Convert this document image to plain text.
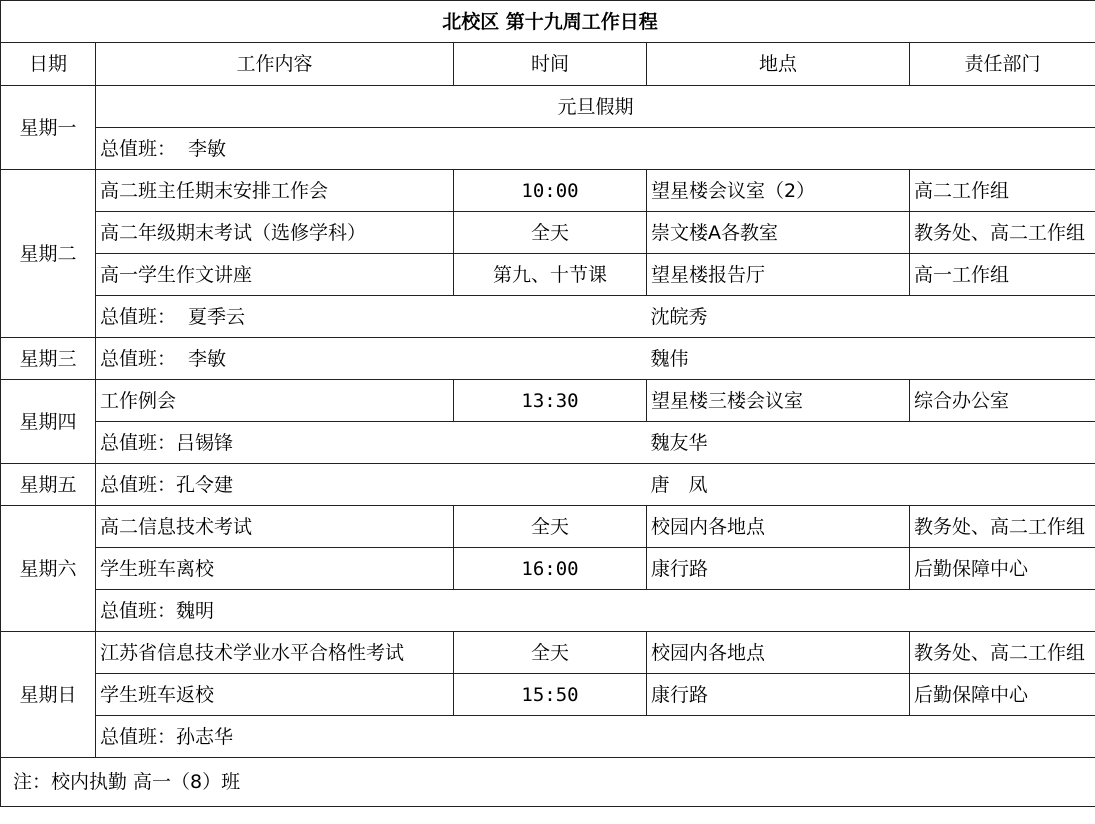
北校区 第十九周工作日程				
日期	工作内容	时间	地点	责任部门
星期一	元旦假期			
	总值班： 李敏			
星期二	高二班主任期末安排工作会	10:00	望星楼会议室（2）	高二工作组
	高二年级期末考试（选修学科）	全天	崇文楼A各教室	教务处、高二工作组
	高一学生作文讲座	第九、十节课	望星楼报告厅	高一工作组
	总值班： 夏季云		沈皖秀	
星期三	总值班： 李敏		魏伟	
星期四	工作例会	13:30	望星楼三楼会议室	综合办公室
	总值班：吕锡锋		魏友华	
星期五	总值班：孔令建		唐　凤	
星期六	高二信息技术考试	全天	校园内各地点	教务处、高二工作组
	学生班车离校	16:00	康行路	后勤保障中心
	总值班：魏明			
星期日	江苏省信息技术学业水平合格性考试	全天	校园内各地点	教务处、高二工作组
	学生班车返校	15:50	康行路	后勤保障中心
	总值班：孙志华			
注：校内执勤 高一（8）班				
